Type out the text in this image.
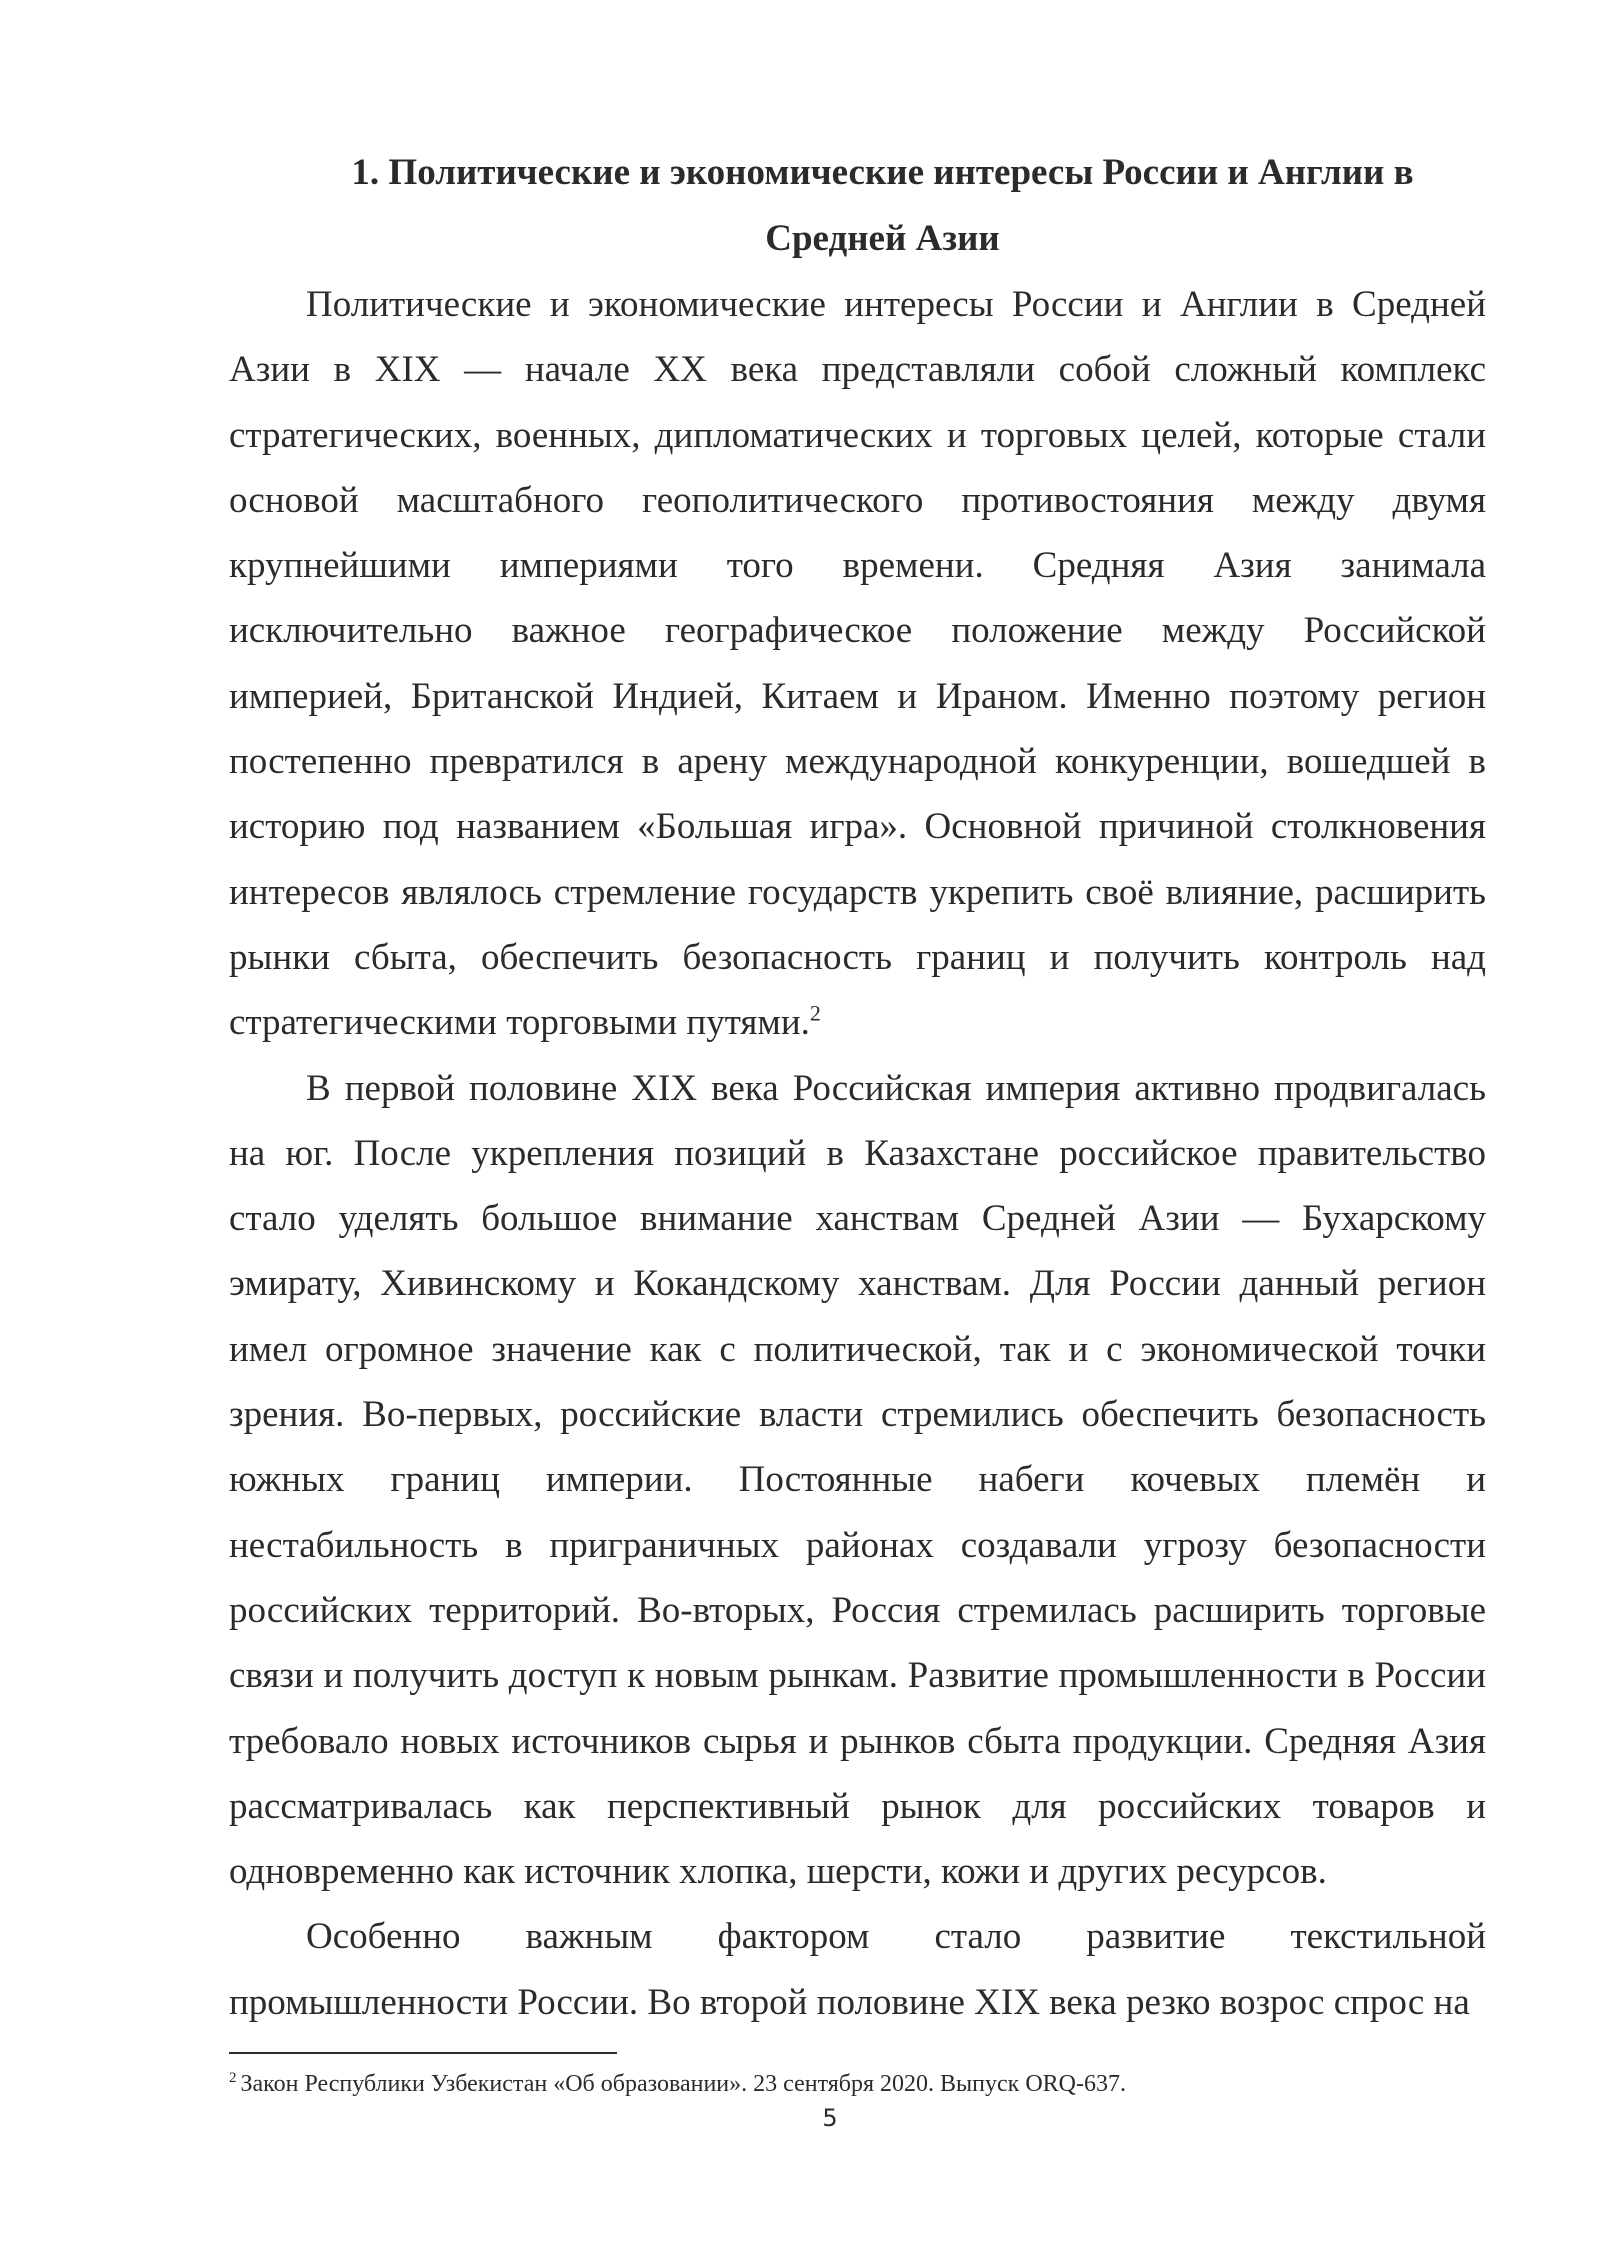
1. Политические и экономические интересы России и Англии в Средней Азии

Политические и экономические интересы России и Англии в Средней Азии в XIX — начале XX века представляли собой сложный комплекс стратегических, военных, дипломатических и торговых целей, которые стали основой масштабного геополитического противостояния между двумя крупнейшими империями того времени. Средняя Азия занимала исключительно важное географическое положение между Российской империей, Британской Индией, Китаем и Ираном. Именно поэтому регион постепенно превратился в арену международной конкуренции, вошедшей в историю под названием «Большая игра». Основной причиной столкновения интересов являлось стремление государств укрепить своё влияние, расширить рынки сбыта, обеспечить безопасность границ и получить контроль над стратегическими торговыми путями.$^2$

В первой половине XIX века Российская империя активно продвигалась на юг. После укрепления позиций в Казахстане российское правительство стало уделять большое внимание ханствам Средней Азии — Бухарскому эмирату, Хивинскому и Кокандскому ханствам. Для России данный регион имел огромное значение как с политической, так и с экономической точки зрения. Во-первых, российские власти стремились обеспечить безопасность южных границ империи. Постоянные набеги кочевых племён и нестабильность в приграничных районах создавали угрозу безопасности российских территорий. Во-вторых, Россия стремилась расширить торговые связи и получить доступ к новым рынкам. Развитие промышленности в России требовало новых источников сырья и рынков сбыта продукции. Средняя Азия рассматривалась как перспективный рынок для российских товаров и одновременно как источник хлопка, шерсти, кожи и других ресурсов.

Особенно важным фактором стало развитие текстильной промышленности России. Во второй половине XIX века резко возрос спрос на

$^2$ Закон Республики Узбекистан «Об образовании». 23 сентября 2020. Выпуск ORQ-637.
5
